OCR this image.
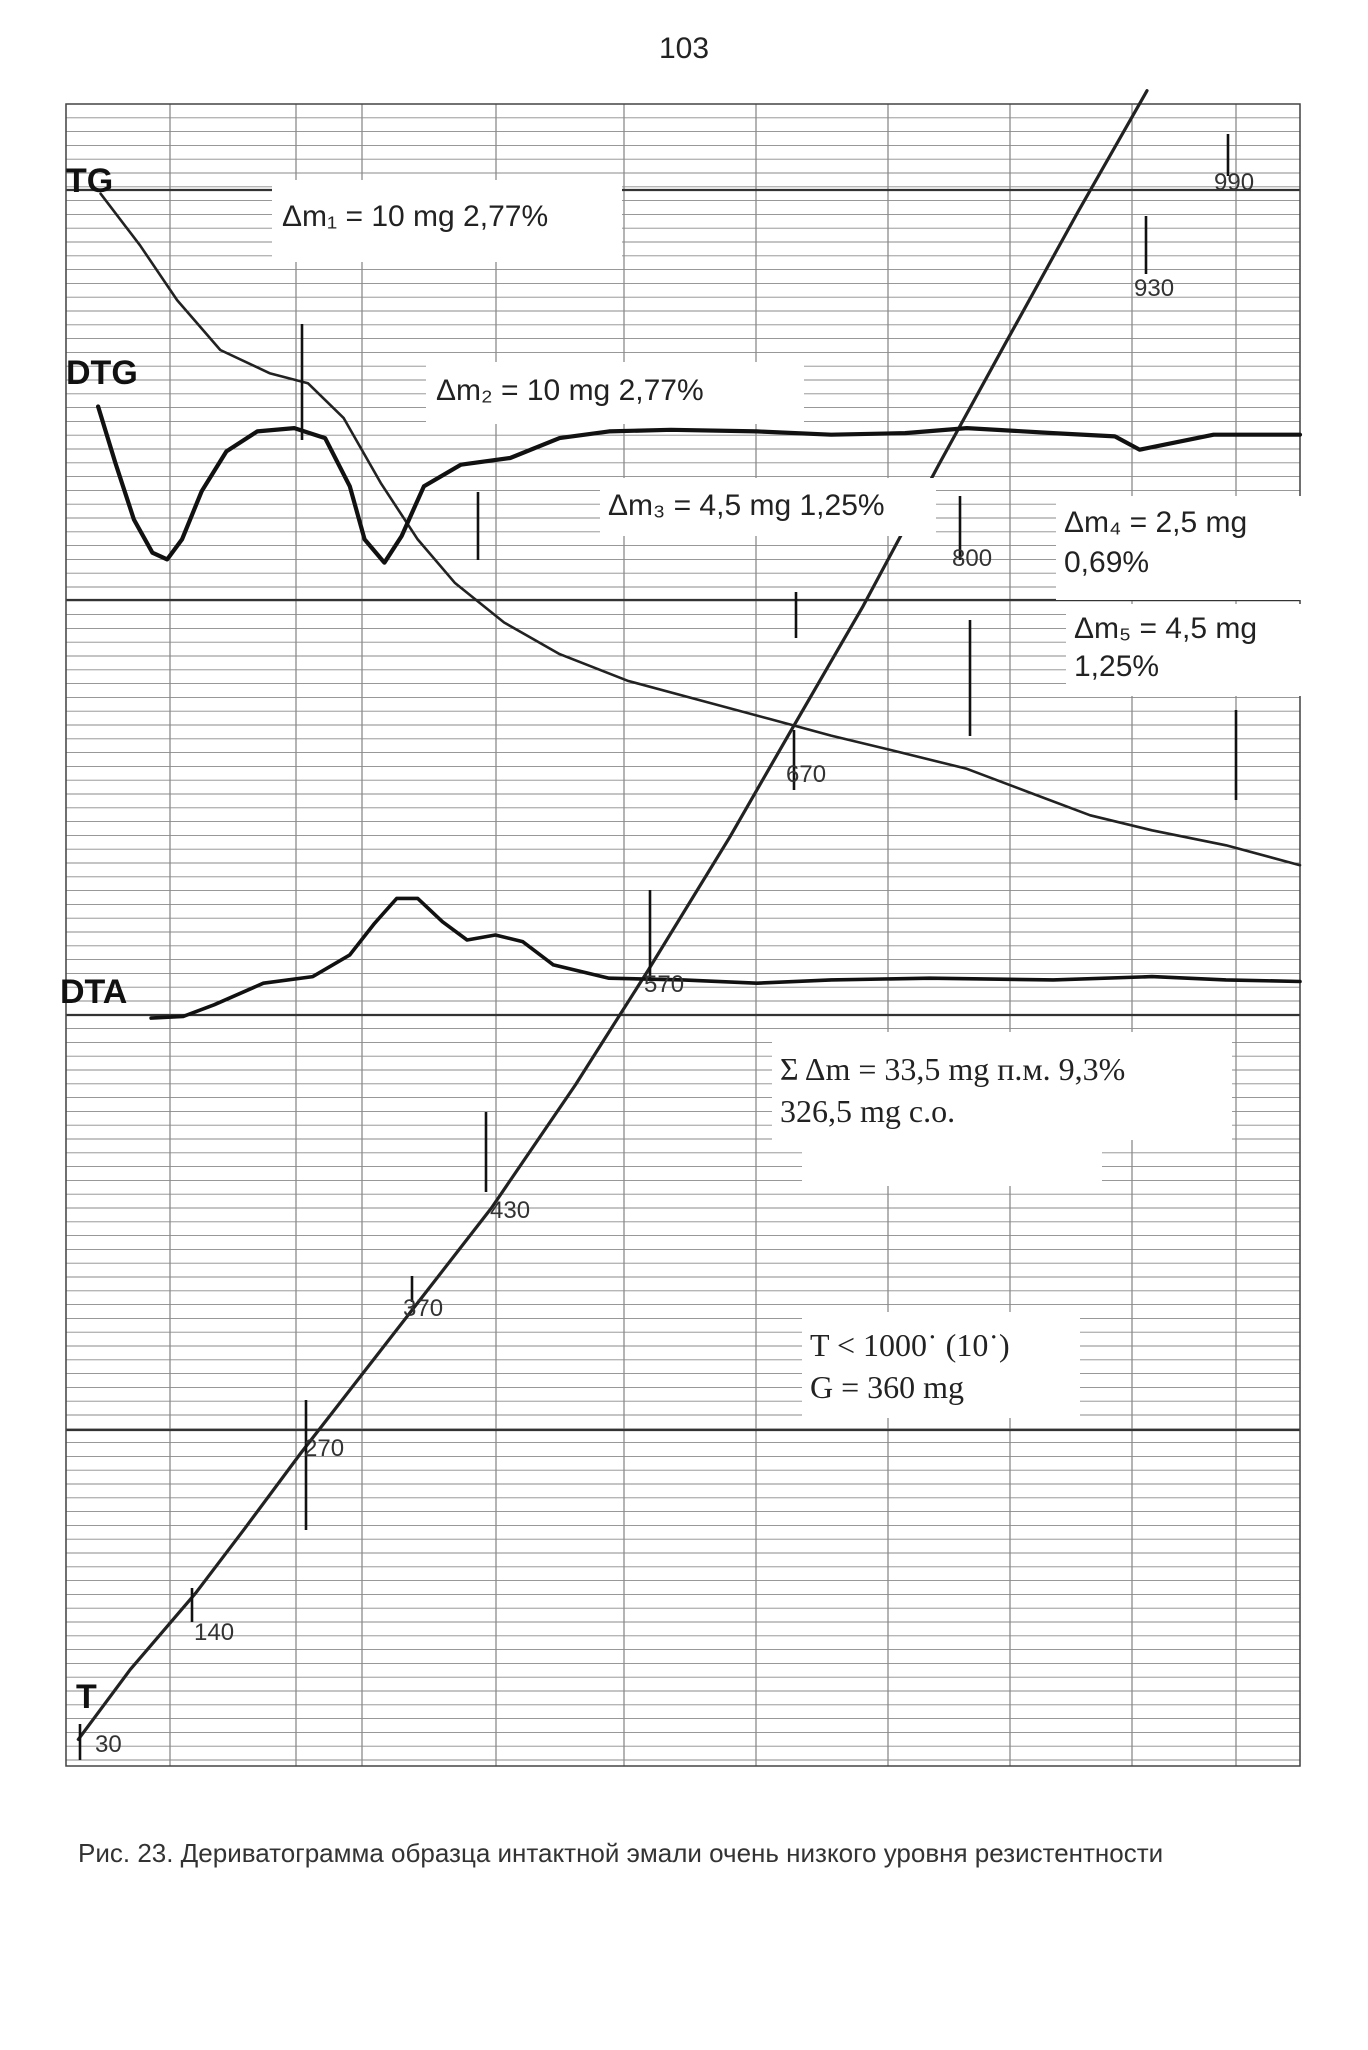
103
TG
DTG
DTA
T
30
140
270
370
430
570
670
800
930
990
Δm₁ = 10 mg 2,77%
Δm₂ = 10 mg 2,77%
Δm₃ = 4,5 mg 1,25%
Δm₄ = 2,5 mg
0,69%
Δm₅ = 4,5 mg
1,25%
Σ Δm = 33,5 mg п.м. 9,3%
326,5 mg c.o.
T < 1000˙ (10˙)
G = 360 mg
Рис. 23. Дериватограмма образца интактной эмали очень низкого уровня резистентности
